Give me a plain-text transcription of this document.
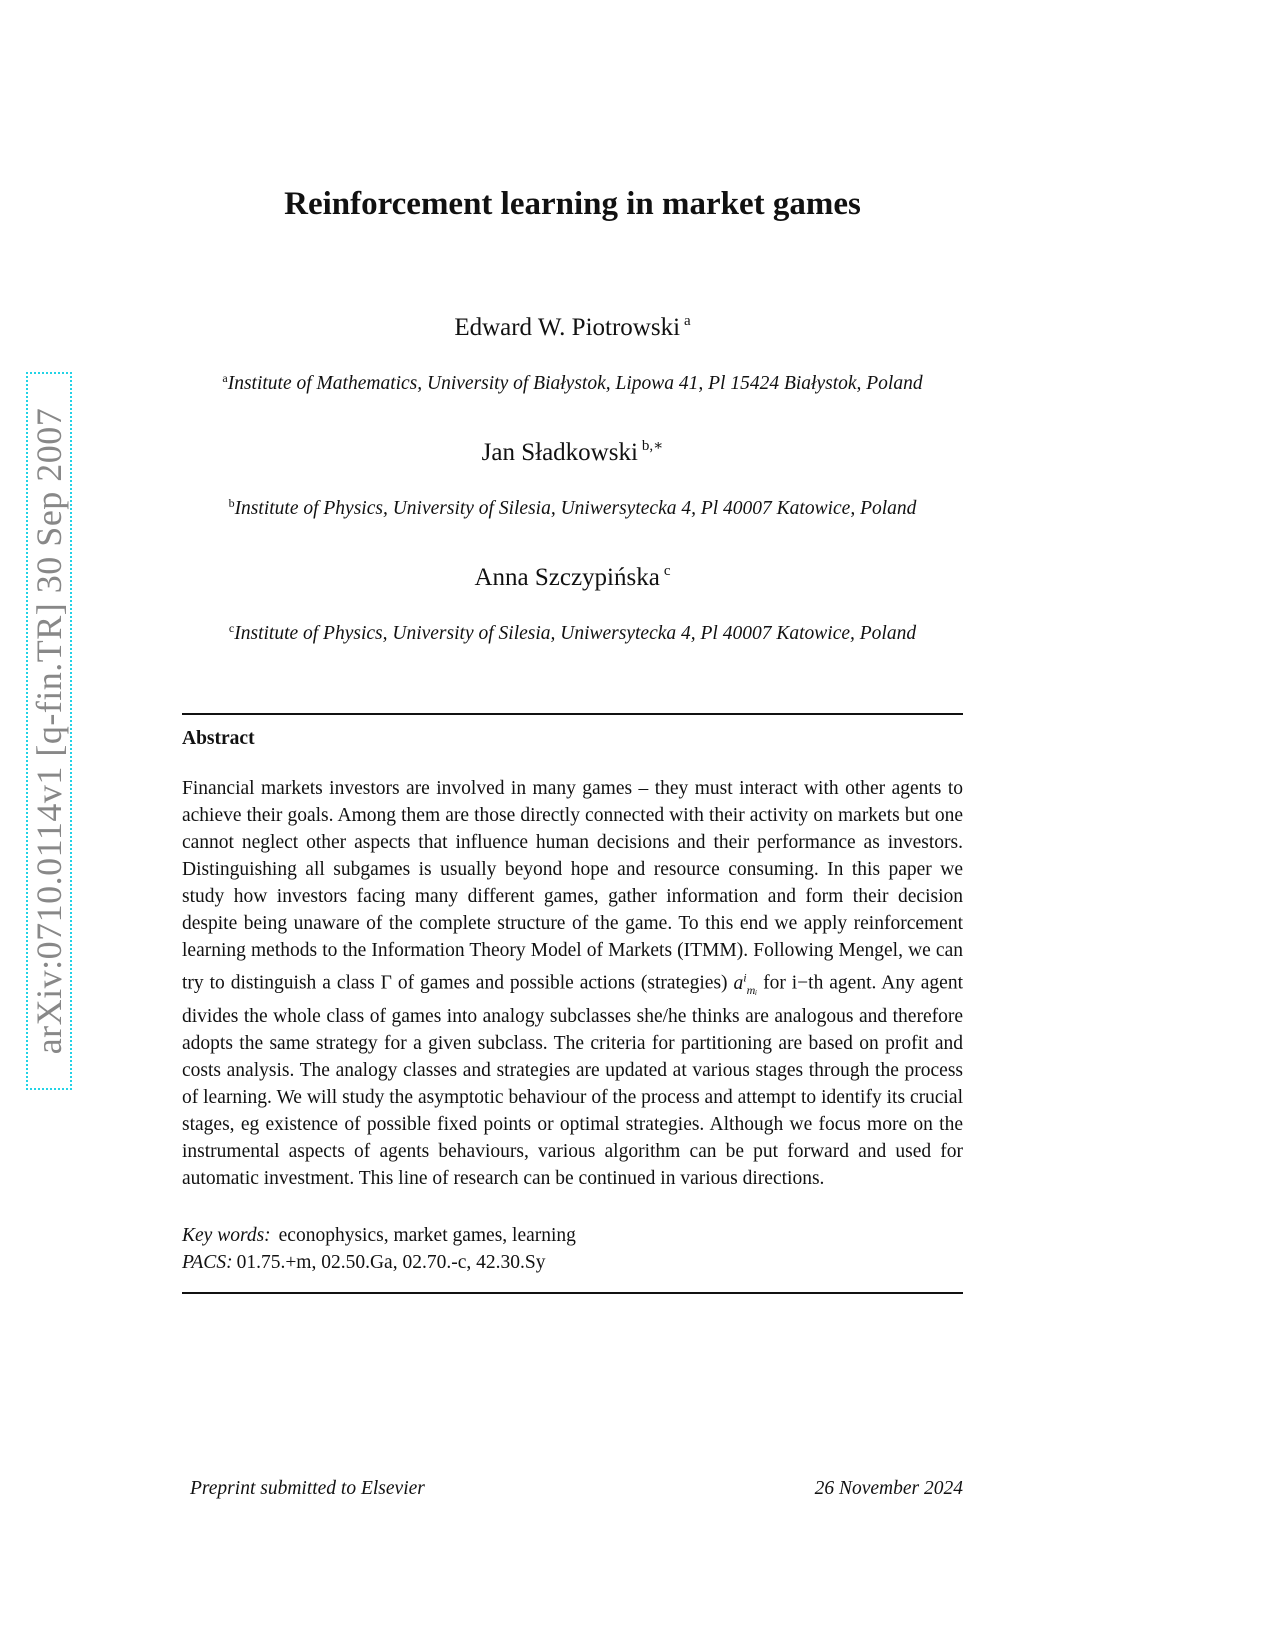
arXiv:0710.0114v1 [q-fin.TR] 30 Sep 2007
Reinforcement learning in market games
Edward W. Piotrowski $^a$
$^a$Institute of Mathematics, University of Białystok, Lipowa 41, Pl 15424 Białystok, Poland
Jan Sładkowski $^{b,∗}$
$^b$Institute of Physics, University of Silesia, Uniwersytecka 4, Pl 40007 Katowice, Poland
Anna Szczypińska $^c$
$^c$Institute of Physics, University of Silesia, Uniwersytecka 4, Pl 40007 Katowice, Poland
Abstract
Financial markets investors are involved in many games – they must interact with other agents to achieve their goals. Among them are those directly connected with their activity on markets but one cannot neglect other aspects that influence human decisions and their performance as investors. Distinguishing all subgames is usually beyond hope and resource consuming. In this paper we study how investors facing many different games, gather information and form their decision despite being unaware of the complete structure of the game. To this end we apply reinforcement learning methods to the Information Theory Model of Markets (ITMM). Following Mengel, we can try to distinguish a class Γ of games and possible actions (strategies) $a^i_{mᵢ}$ for i−th agent. Any agent divides the whole class of games into analogy subclasses she/he thinks are analogous and therefore adopts the same strategy for a given subclass. The criteria for partitioning are based on profit and costs analysis. The analogy classes and strategies are updated at various stages through the process of learning. We will study the asymptotic behaviour of the process and attempt to identify its crucial stages, eg existence of possible fixed points or optimal strategies. Although we focus more on the instrumental aspects of agents behaviours, various algorithm can be put forward and used for automatic investment. This line of research can be continued in various directions.
Key words: econophysics, market games, learning
PACS: 01.75.+m, 02.50.Ga, 02.70.-c, 42.30.Sy
Preprint submitted to Elsevier	26 November 2024
